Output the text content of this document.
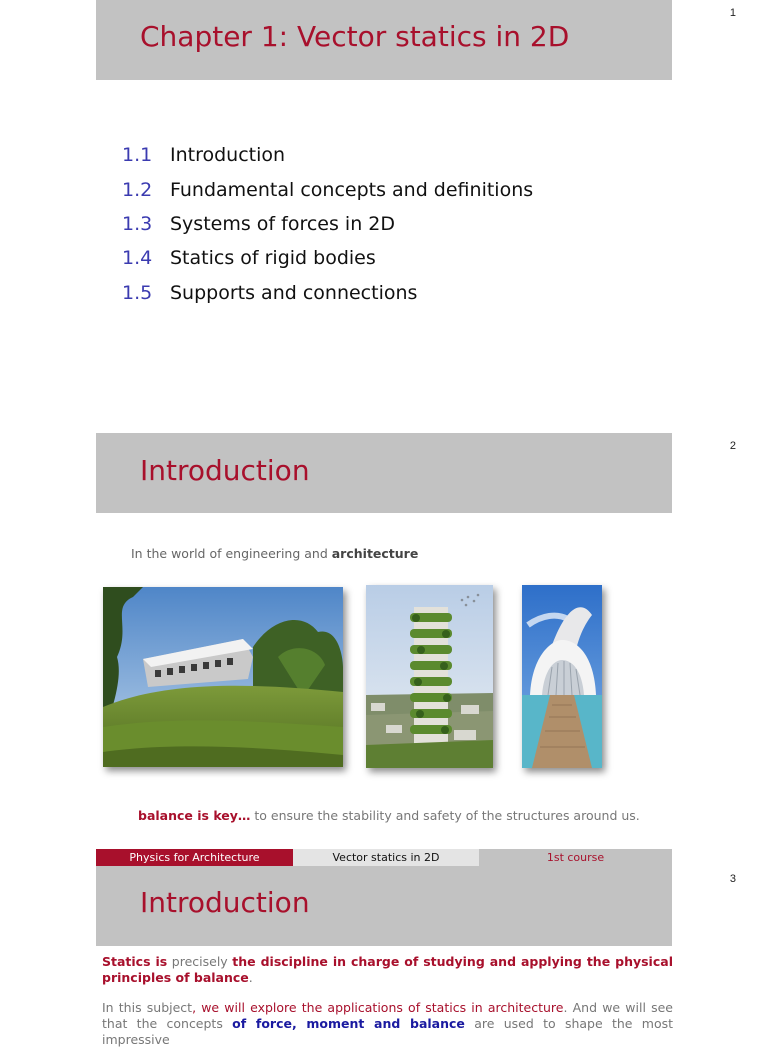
1
Chapter 1: Vector statics in 2D
1.1 Introduction
1.2 Fundamental concepts and definitions
1.3 Systems of forces in 2D
1.4 Statics of rigid bodies
1.5 Supports and connections
2
Introduction
In the world of engineering and architecture
balance is key… to ensure the stability and safety of the structures around us.
Physics for Architecture	Vector statics in 2D	1st course
3
Introduction

Statics is precisely the discipline in charge of studying and applying the physical principles of balance.

In this subject, we will explore the applications of statics in architecture. And we will see that the concepts of force, moment and balance are used to shape the most impressive
